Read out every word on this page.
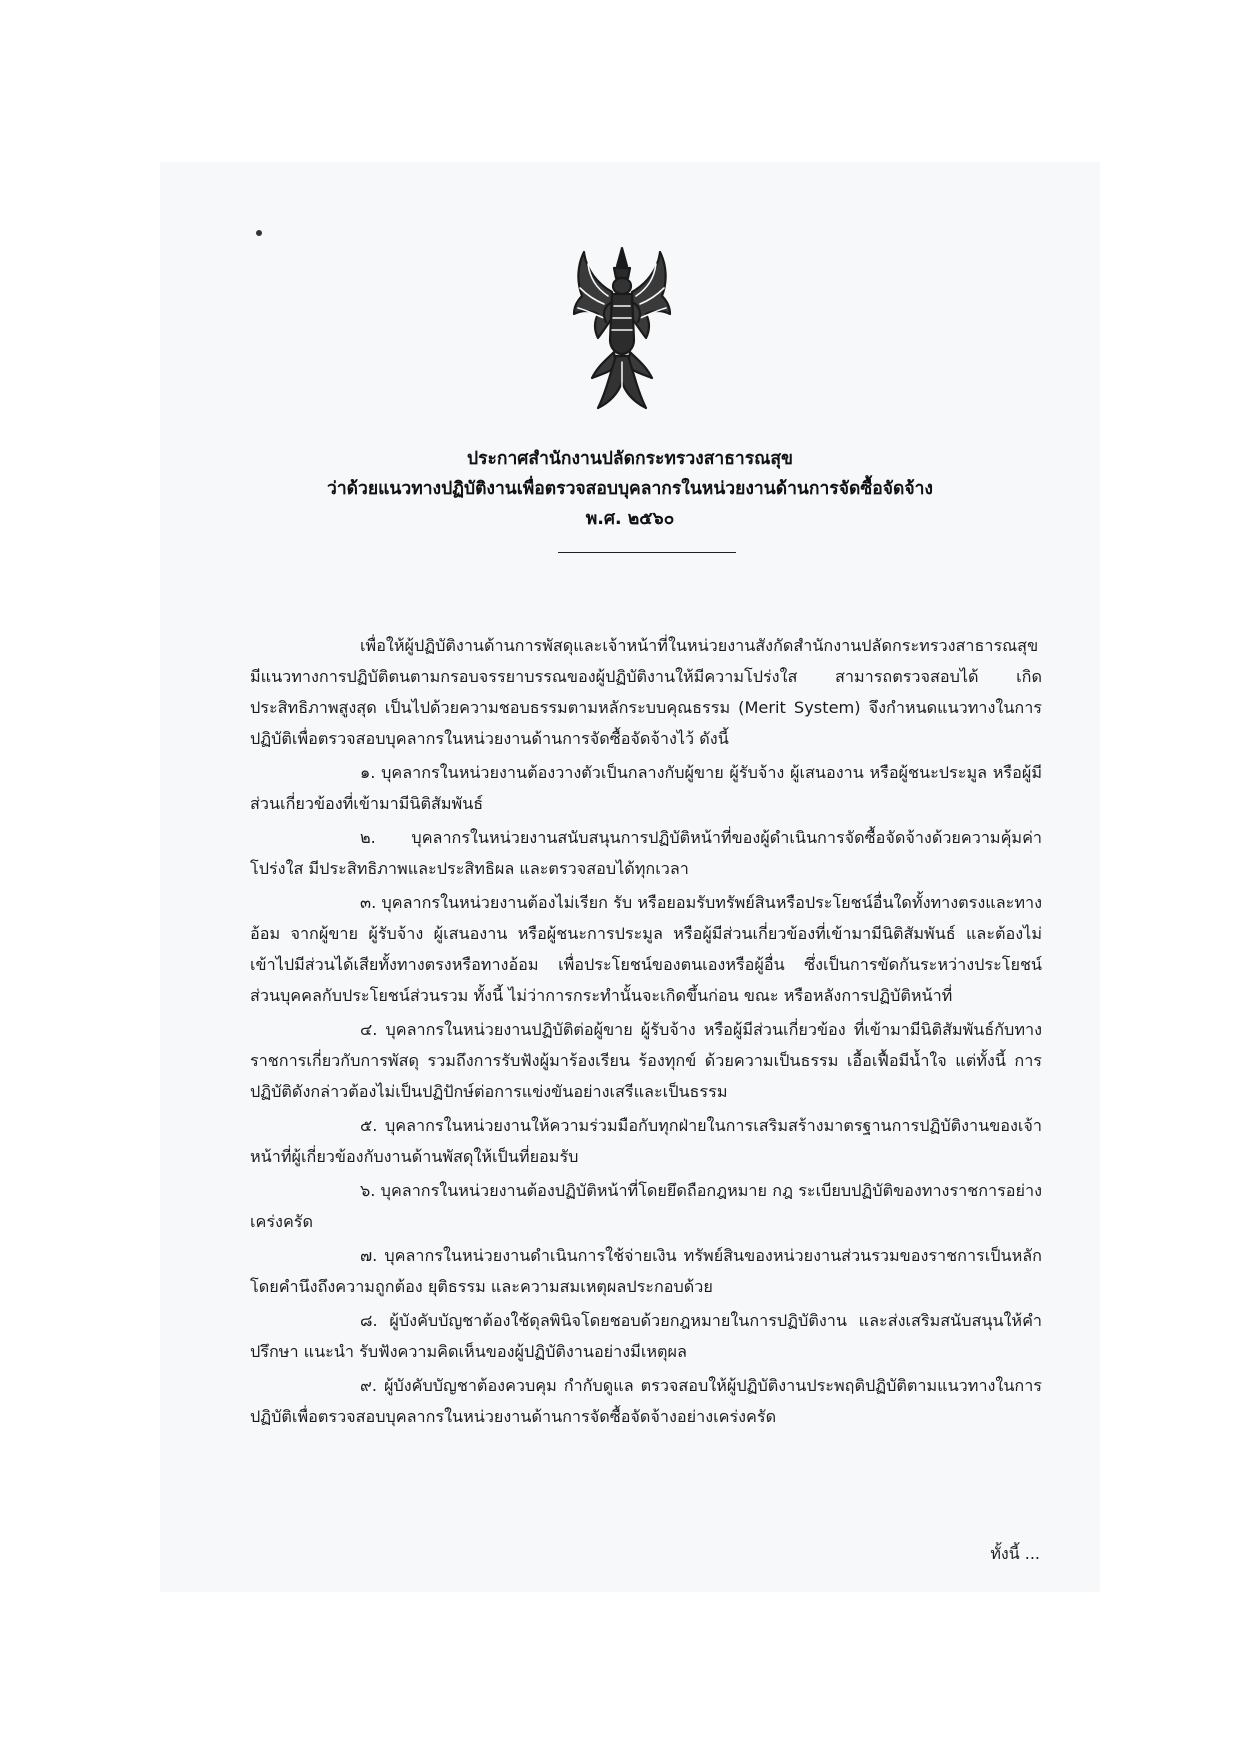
ประกาศสำนักงานปลัดกระทรวงสาธารณสุข
ว่าด้วยแนวทางปฏิบัติงานเพื่อตรวจสอบบุคลากรในหน่วยงานด้านการจัดซื้อจัดจ้าง
พ.ศ. ๒๕๖๐

เพื่อให้ผู้ปฏิบัติงานด้านการพัสดุและเจ้าหน้าที่ในหน่วยงานสังกัดสำนักงานปลัดกระทรวงสาธารณสุข มีแนวทางการปฏิบัติตนตามกรอบจรรยาบรรณของผู้ปฏิบัติงานให้มีความโปร่งใส สามารถตรวจสอบได้ เกิดประสิทธิภาพสูงสุด เป็นไปด้วยความชอบธรรมตามหลักระบบคุณธรรม (Merit System) จึงกำหนดแนวทางในการปฏิบัติเพื่อตรวจสอบบุคลากรในหน่วยงานด้านการจัดซื้อจัดจ้างไว้ ดังนี้

๑. บุคลากรในหน่วยงานต้องวางตัวเป็นกลางกับผู้ขาย ผู้รับจ้าง ผู้เสนองาน หรือผู้ชนะประมูล หรือผู้มีส่วนเกี่ยวข้องที่เข้ามามีนิติสัมพันธ์

๒. บุคลากรในหน่วยงานสนับสนุนการปฏิบัติหน้าที่ของผู้ดำเนินการจัดซื้อจัดจ้างด้วยความคุ้มค่า โปร่งใส มีประสิทธิภาพและประสิทธิผล และตรวจสอบได้ทุกเวลา

๓. บุคลากรในหน่วยงานต้องไม่เรียก รับ หรือยอมรับทรัพย์สินหรือประโยชน์อื่นใดทั้งทางตรงและทางอ้อม จากผู้ขาย ผู้รับจ้าง ผู้เสนองาน หรือผู้ชนะการประมูล หรือผู้มีส่วนเกี่ยวข้องที่เข้ามามีนิติสัมพันธ์ และต้องไม่เข้าไปมีส่วนได้เสียทั้งทางตรงหรือทางอ้อม เพื่อประโยชน์ของตนเองหรือผู้อื่น ซึ่งเป็นการขัดกันระหว่างประโยชน์ส่วนบุคคลกับประโยชน์ส่วนรวม ทั้งนี้ ไม่ว่าการกระทำนั้นจะเกิดขึ้นก่อน ขณะ หรือหลังการปฏิบัติหน้าที่

๔. บุคลากรในหน่วยงานปฏิบัติต่อผู้ขาย ผู้รับจ้าง หรือผู้มีส่วนเกี่ยวข้อง ที่เข้ามามีนิติสัมพันธ์กับทางราชการเกี่ยวกับการพัสดุ รวมถึงการรับฟังผู้มาร้องเรียน ร้องทุกข์ ด้วยความเป็นธรรม เอื้อเฟื้อมีน้ำใจ แต่ทั้งนี้ การปฏิบัติดังกล่าวต้องไม่เป็นปฏิปักษ์ต่อการแข่งขันอย่างเสรีและเป็นธรรม

๕. บุคลากรในหน่วยงานให้ความร่วมมือกับทุกฝ่ายในการเสริมสร้างมาตรฐานการปฏิบัติงานของเจ้าหน้าที่ผู้เกี่ยวข้องกับงานด้านพัสดุให้เป็นที่ยอมรับ

๖. บุคลากรในหน่วยงานต้องปฏิบัติหน้าที่โดยยึดถือกฎหมาย กฎ ระเบียบปฏิบัติของทางราชการอย่างเคร่งครัด

๗. บุคลากรในหน่วยงานดำเนินการใช้จ่ายเงิน ทรัพย์สินของหน่วยงานส่วนรวมของราชการเป็นหลัก โดยคำนึงถึงความถูกต้อง ยุติธรรม และความสมเหตุผลประกอบด้วย

๘. ผู้บังคับบัญชาต้องใช้ดุลพินิจโดยชอบด้วยกฎหมายในการปฏิบัติงาน และส่งเสริมสนับสนุนให้คำปรึกษา แนะนำ รับฟังความคิดเห็นของผู้ปฏิบัติงานอย่างมีเหตุผล

๙. ผู้บังคับบัญชาต้องควบคุม กำกับดูแล ตรวจสอบให้ผู้ปฏิบัติงานประพฤติปฏิบัติตามแนวทางในการปฏิบัติเพื่อตรวจสอบบุคลากรในหน่วยงานด้านการจัดซื้อจัดจ้างอย่างเคร่งครัด

ทั้งนี้ ...
